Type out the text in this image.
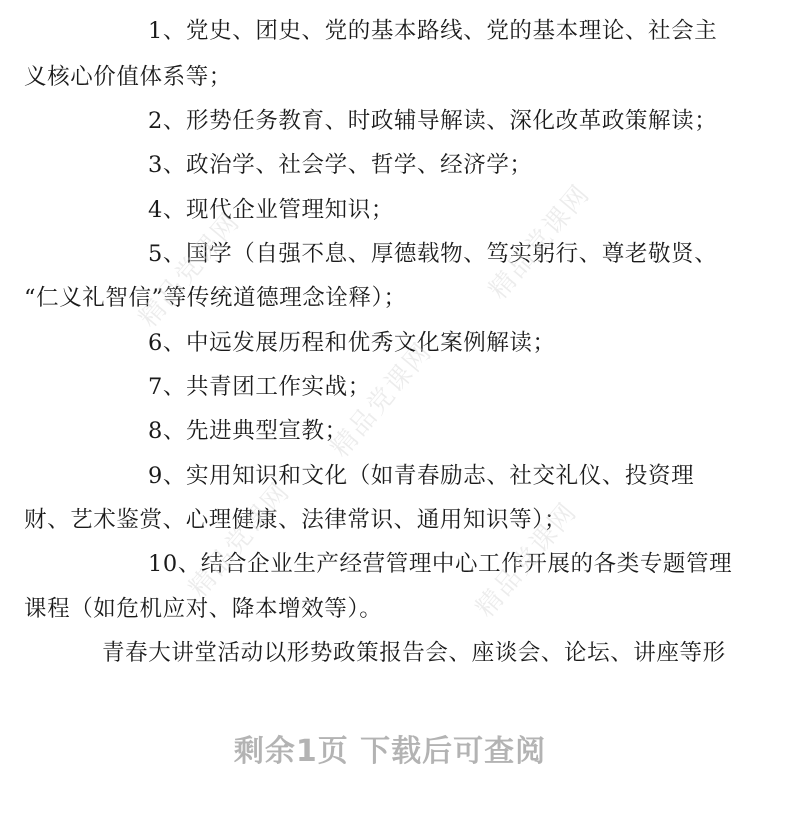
1、党史、团史、党的基本路线、党的基本理论、社会主
义核心价值体系等；
2、形势任务教育、时政辅导解读、深化改革政策解读；
3、政治学、社会学、哲学、经济学；
4、现代企业管理知识；
5、国学（自强不息、厚德载物、笃实躬行、尊老敬贤、
“仁义礼智信”等传统道德理念诠释）；
6、中远发展历程和优秀文化案例解读；
7、共青团工作实战；
8、先进典型宣教；
9、实用知识和文化（如青春励志、社交礼仪、投资理
财、艺术鉴赏、心理健康、法律常识、通用知识等）；
10、结合企业生产经营管理中心工作开展的各类专题管理
课程（如危机应对、降本增效等）。
青春大讲堂活动以形势政策报告会、座谈会、论坛、讲座等形
精品党课网	精品党课网
精品党课网
精品党课网	精品党课网
剩余1页 下载后可查阅
